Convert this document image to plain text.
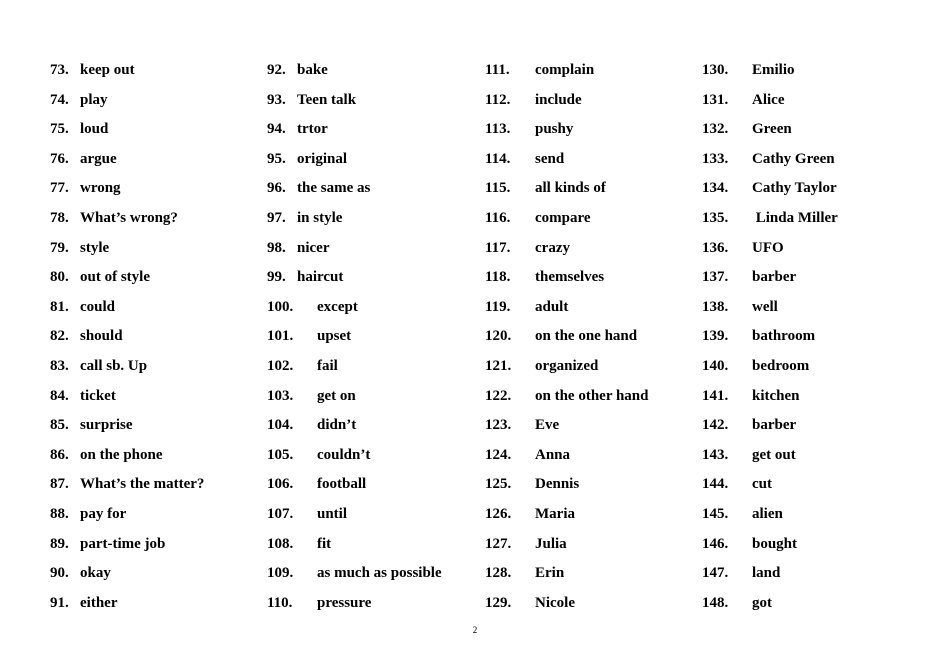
73. keep out
74. play
75. loud
76. argue
77. wrong
78. What’s wrong?
79. style
80. out of style
81. could
82. should
83. call sb. Up
84. ticket
85. surprise
86. on the phone
87. What’s the matter?
88. pay for
89. part-time job
90. okay
91. either
92. bake
93. Teen talk
94. trtor
95. original
96. the same as
97. in style
98. nicer
99. haircut
100. except
101. upset
102. fail
103. get on
104. didn’t
105. couldn’t
106. football
107. until
108. fit
109. as much as possible
110. pressure
111. complain
112. include
113. pushy
114. send
115. all kinds of
116. compare
117. crazy
118. themselves
119. adult
120. on the one hand
121. organized
122. on the other hand
123. Eve
124. Anna
125. Dennis
126. Maria
127. Julia
128. Erin
129. Nicole
130. Emilio
131. Alice
132. Green
133. Cathy Green
134. Cathy Taylor
135. Linda Miller
136. UFO
137. barber
138. well
139. bathroom
140. bedroom
141. kitchen
142. barber
143. get out
144. cut
145. alien
146. bought
147. land
148. got
2
